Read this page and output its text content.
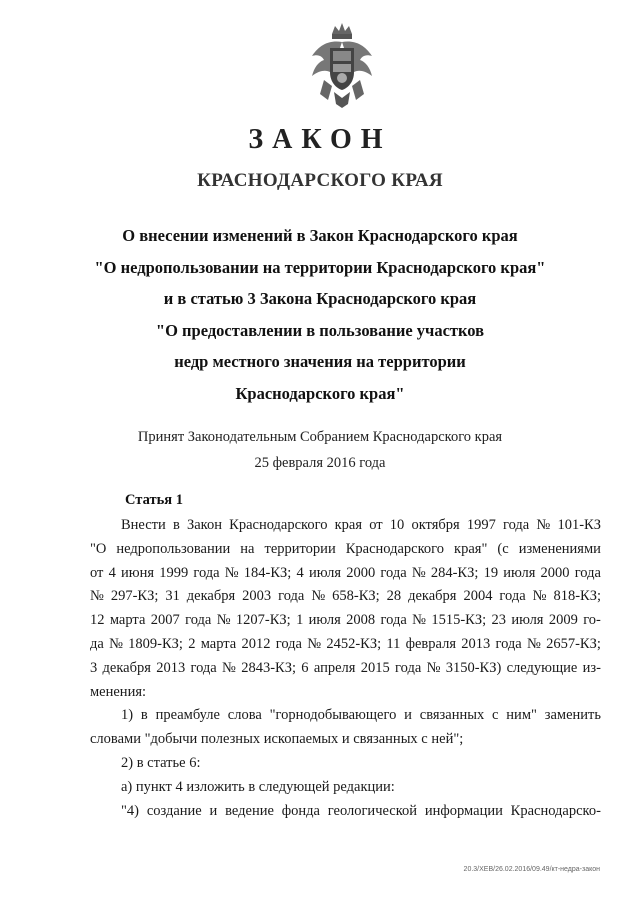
ЗАКОН
КРАСНОДАРСКОГО КРАЯ
О внесении изменений в Закон Краснодарского края
"О недропользовании на территории Краснодарского края"
и в статью 3 Закона Краснодарского края
"О предоставлении в пользование участков
недр местного значения на территории
Краснодарского края"
Принят Законодательным Собранием Краснодарского края
25 февраля 2016 года
Статья 1
Внести в Закон Краснодарского края от 10 октября 1997 года № 101-КЗ
"О недропользовании на территории Краснодарского края" (с изменениями
от 4 июня 1999 года № 184-КЗ; 4 июля 2000 года № 284-КЗ; 19 июля 2000 года
№ 297-КЗ; 31 декабря 2003 года № 658-КЗ; 28 декабря 2004 года № 818-КЗ;
12 марта 2007 года № 1207-КЗ; 1 июля 2008 года № 1515-КЗ; 23 июля 2009 го-
да № 1809-КЗ; 2 марта 2012 года № 2452-КЗ; 11 февраля 2013 года № 2657-КЗ;
3 декабря 2013 года № 2843-КЗ; 6 апреля 2015 года № 3150-КЗ) следующие из-
менения:
1) в преамбуле слова "горнодобывающего и связанных с ним" заменить
словами "добычи полезных ископаемых и связанных с ней";
2) в статье 6:
а) пункт 4 изложить в следующей редакции:
"4) создание и ведение фонда геологической информации Краснодарско-
20.3/ХЕВ/26.02.2016/09.49/кт-недра-закон
